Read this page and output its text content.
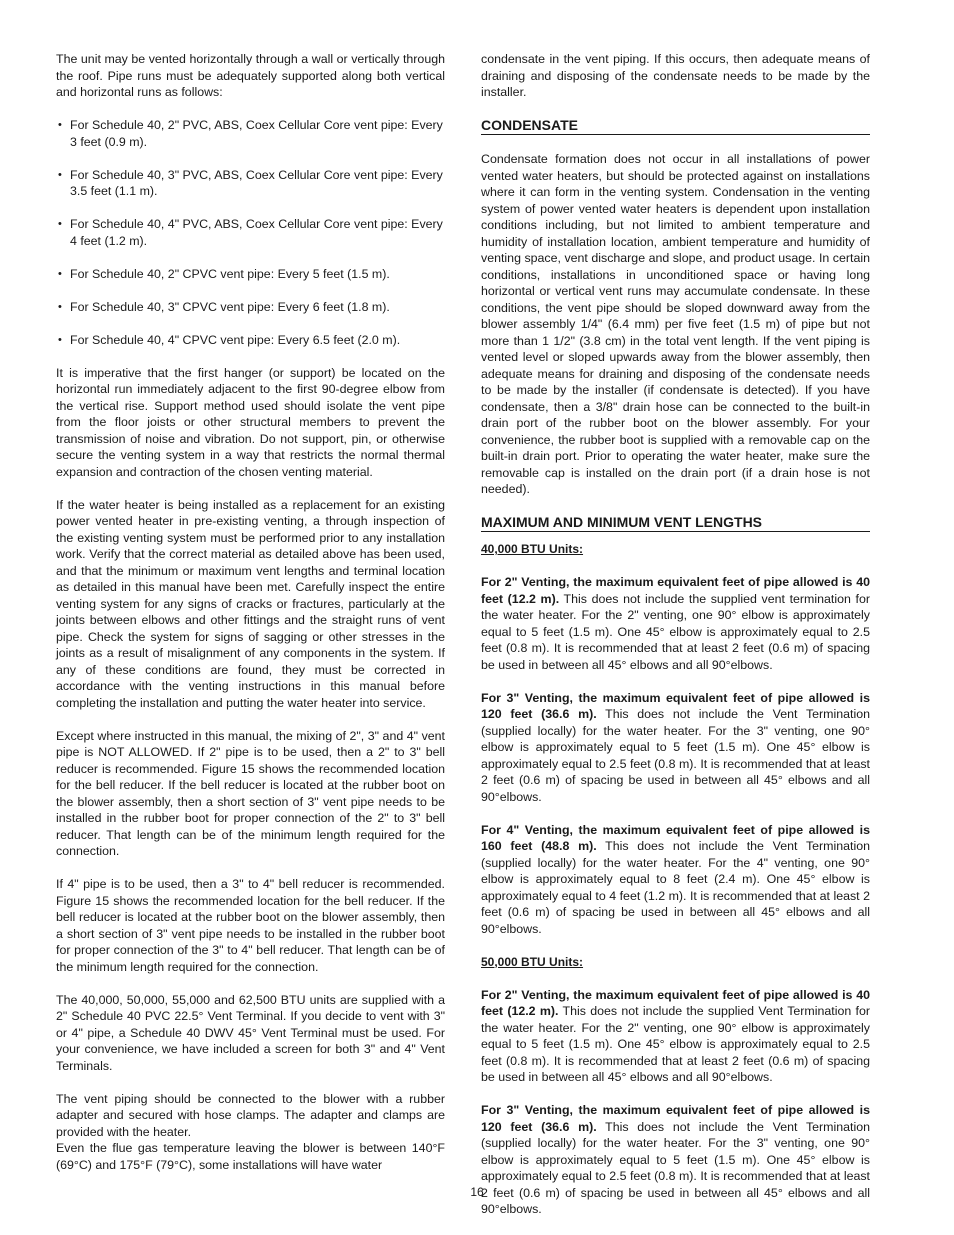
The unit may be vented horizontally through a wall or vertically through the roof. Pipe runs must be adequately supported along both vertical and horizontal runs as follows:

• For Schedule 40, 2" PVC, ABS, Coex Cellular Core vent pipe: Every 3 feet (0.9 m).
• For Schedule 40, 3" PVC, ABS, Coex Cellular Core vent pipe: Every 3.5 feet (1.1 m).
• For Schedule 40, 4" PVC, ABS, Coex Cellular Core vent pipe: Every 4 feet (1.2 m).
• For Schedule 40, 2" CPVC vent pipe: Every 5 feet (1.5 m).
• For Schedule 40, 3" CPVC vent pipe: Every 6 feet (1.8 m).
• For Schedule 40, 4" CPVC vent pipe: Every 6.5 feet (2.0 m).

It is imperative that the first hanger (or support) be located on the horizontal run immediately adjacent to the first 90-degree elbow from the vertical rise. Support method used should isolate the vent pipe from the floor joists or other structural members to prevent the transmission of noise and vibration. Do not support, pin, or otherwise secure the venting system in a way that restricts the normal thermal expansion and contraction of the chosen venting material.

If the water heater is being installed as a replacement for an existing power vented heater in pre-existing venting, a through inspection of the existing venting system must be performed prior to any installation work. Verify that the correct material as detailed above has been used, and that the minimum or maximum vent lengths and terminal location as detailed in this manual have been met. Carefully inspect the entire venting system for any signs of cracks or fractures, particularly at the joints between elbows and other fittings and the straight runs of vent pipe. Check the system for signs of sagging or other stresses in the joints as a result of misalignment of any components in the system. If any of these conditions are found, they must be corrected in accordance with the venting instructions in this manual before completing the installation and putting the water heater into service.

Except where instructed in this manual, the mixing of 2", 3" and 4" vent pipe is NOT ALLOWED. If 2" pipe is to be used, then a 2" to 3" bell reducer is recommended. Figure 15 shows the recommended location for the bell reducer. If the bell reducer is located at the rubber boot on the blower assembly, then a short section of 3" vent pipe needs to be installed in the rubber boot for proper connection of the 2" to 3" bell reducer. That length can be of the minimum length required for the connection.

If 4" pipe is to be used, then a 3" to 4" bell reducer is recommended. Figure 15 shows the recommended location for the bell reducer. If the bell reducer is located at the rubber boot on the blower assembly, then a short section of 3" vent pipe needs to be installed in the rubber boot for proper connection of the 3" to 4" bell reducer. That length can be of the minimum length required for the connection.

The 40,000, 50,000, 55,000 and 62,500 BTU units are supplied with a 2" Schedule 40 PVC 22.5° Vent Terminal. If you decide to vent with 3" or 4" pipe, a Schedule 40 DWV 45° Vent Terminal must be used. For your convenience, we have included a screen for both 3" and 4" Vent Terminals.

The vent piping should be connected to the blower with a rubber adapter and secured with hose clamps. The adapter and clamps are provided with the heater.

Even the flue gas temperature leaving the blower is between 140°F (69°C) and 175°F (79°C), some installations will have water

condensate in the vent piping. If this occurs, then adequate means of draining and disposing of the condensate needs to be made by the installer.

CONDENSATE

Condensate formation does not occur in all installations of power vented water heaters, but should be protected against on installations where it can form in the venting system. Condensation in the venting system of power vented water heaters is dependent upon installation conditions including, but not limited to ambient temperature and humidity of installation location, ambient temperature and humidity of venting space, vent discharge and slope, and product usage. In certain conditions, installations in unconditioned space or having long horizontal or vertical vent runs may accumulate condensate. In these conditions, the vent pipe should be sloped downward away from the blower assembly 1/4" (6.4 mm) per five feet (1.5 m) of pipe but not more than 1 1/2" (3.8 cm) in the total vent length. If the vent piping is vented level or sloped upwards away from the blower assembly, then adequate means for draining and disposing of the condensate needs to be made by the installer (if condensate is detected). If you have condensate, then a 3/8" drain hose can be connected to the built-in drain port of the rubber boot on the blower assembly. For your convenience, the rubber boot is supplied with a removable cap on the built-in drain port. Prior to operating the water heater, make sure the removable cap is installed on the drain port (if a drain hose is not needed).

MAXIMUM AND MINIMUM VENT LENGTHS
40,000 BTU Units:

For 2" Venting, the maximum equivalent feet of pipe allowed is 40 feet (12.2 m). This does not include the supplied vent termination for the water heater. For the 2" venting, one 90° elbow is approximately equal to 5 feet (1.5 m). One 45° elbow is approximately equal to 2.5 feet (0.8 m). It is recommended that at least 2 feet (0.6 m) of spacing be used in between all 45° elbows and all 90°elbows.

For 3" Venting, the maximum equivalent feet of pipe allowed is 120 feet (36.6 m). This does not include the Vent Termination (supplied locally) for the water heater. For the 3" venting, one 90° elbow is approximately equal to 5 feet (1.5 m). One 45° elbow is approximately equal to 2.5 feet (0.8 m). It is recommended that at least 2 feet (0.6 m) of spacing be used in between all 45° elbows and all 90°elbows.

For 4" Venting, the maximum equivalent feet of pipe allowed is 160 feet (48.8 m). This does not include the Vent Termination (supplied locally) for the water heater. For the 4" venting, one 90° elbow is approximately equal to 8 feet (2.4 m). One 45° elbow is approximately equal to 4 feet (1.2 m). It is recommended that at least 2 feet (0.6 m) of spacing be used in between all 45° elbows and all 90°elbows.

50,000 BTU Units:

For 2" Venting, the maximum equivalent feet of pipe allowed is 40 feet (12.2 m). This does not include the supplied Vent Termination for the water heater. For the 2" venting, one 90° elbow is approximately equal to 5 feet (1.5 m). One 45° elbow is approximately equal to 2.5 feet (0.8 m). It is recommended that at least 2 feet (0.6 m) of spacing be used in between all 45° elbows and all 90°elbows.

For 3" Venting, the maximum equivalent feet of pipe allowed is 120 feet (36.6 m). This does not include the Vent Termination (supplied locally) for the water heater. For the 3" venting, one 90° elbow is approximately equal to 5 feet (1.5 m). One 45° elbow is approximately equal to 2.5 feet (0.8 m). It is recommended that at least 2 feet (0.6 m) of spacing be used in between all 45° elbows and all 90°elbows.

16
